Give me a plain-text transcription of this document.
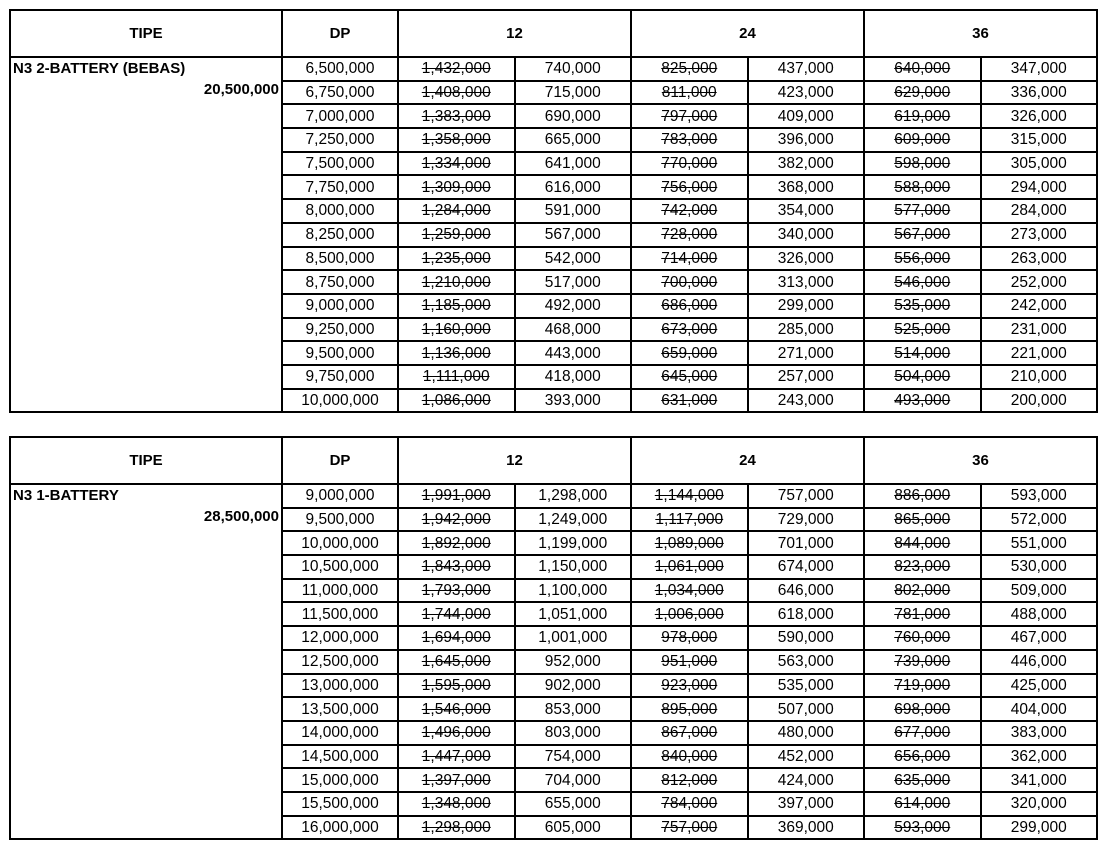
TIPE	DP	12		24		36	
N3 2-BATTERY (BEBAS)
20,500,000	6,500,000	1,432,000	740,000	825,000	437,000	640,000	347,000
	6,750,000	1,408,000	715,000	811,000	423,000	629,000	336,000
	7,000,000	1,383,000	690,000	797,000	409,000	619,000	326,000
	7,250,000	1,358,000	665,000	783,000	396,000	609,000	315,000
	7,500,000	1,334,000	641,000	770,000	382,000	598,000	305,000
	7,750,000	1,309,000	616,000	756,000	368,000	588,000	294,000
	8,000,000	1,284,000	591,000	742,000	354,000	577,000	284,000
	8,250,000	1,259,000	567,000	728,000	340,000	567,000	273,000
	8,500,000	1,235,000	542,000	714,000	326,000	556,000	263,000
	8,750,000	1,210,000	517,000	700,000	313,000	546,000	252,000
	9,000,000	1,185,000	492,000	686,000	299,000	535,000	242,000
	9,250,000	1,160,000	468,000	673,000	285,000	525,000	231,000
	9,500,000	1,136,000	443,000	659,000	271,000	514,000	221,000
	9,750,000	1,111,000	418,000	645,000	257,000	504,000	210,000
	10,000,000	1,086,000	393,000	631,000	243,000	493,000	200,000
TIPE	DP	12		24		36	
N3 1-BATTERY
28,500,000	9,000,000	1,991,000	1,298,000	1,144,000	757,000	886,000	593,000
	9,500,000	1,942,000	1,249,000	1,117,000	729,000	865,000	572,000
	10,000,000	1,892,000	1,199,000	1,089,000	701,000	844,000	551,000
	10,500,000	1,843,000	1,150,000	1,061,000	674,000	823,000	530,000
	11,000,000	1,793,000	1,100,000	1,034,000	646,000	802,000	509,000
	11,500,000	1,744,000	1,051,000	1,006,000	618,000	781,000	488,000
	12,000,000	1,694,000	1,001,000	978,000	590,000	760,000	467,000
	12,500,000	1,645,000	952,000	951,000	563,000	739,000	446,000
	13,000,000	1,595,000	902,000	923,000	535,000	719,000	425,000
	13,500,000	1,546,000	853,000	895,000	507,000	698,000	404,000
	14,000,000	1,496,000	803,000	867,000	480,000	677,000	383,000
	14,500,000	1,447,000	754,000	840,000	452,000	656,000	362,000
	15,000,000	1,397,000	704,000	812,000	424,000	635,000	341,000
	15,500,000	1,348,000	655,000	784,000	397,000	614,000	320,000
	16,000,000	1,298,000	605,000	757,000	369,000	593,000	299,000
